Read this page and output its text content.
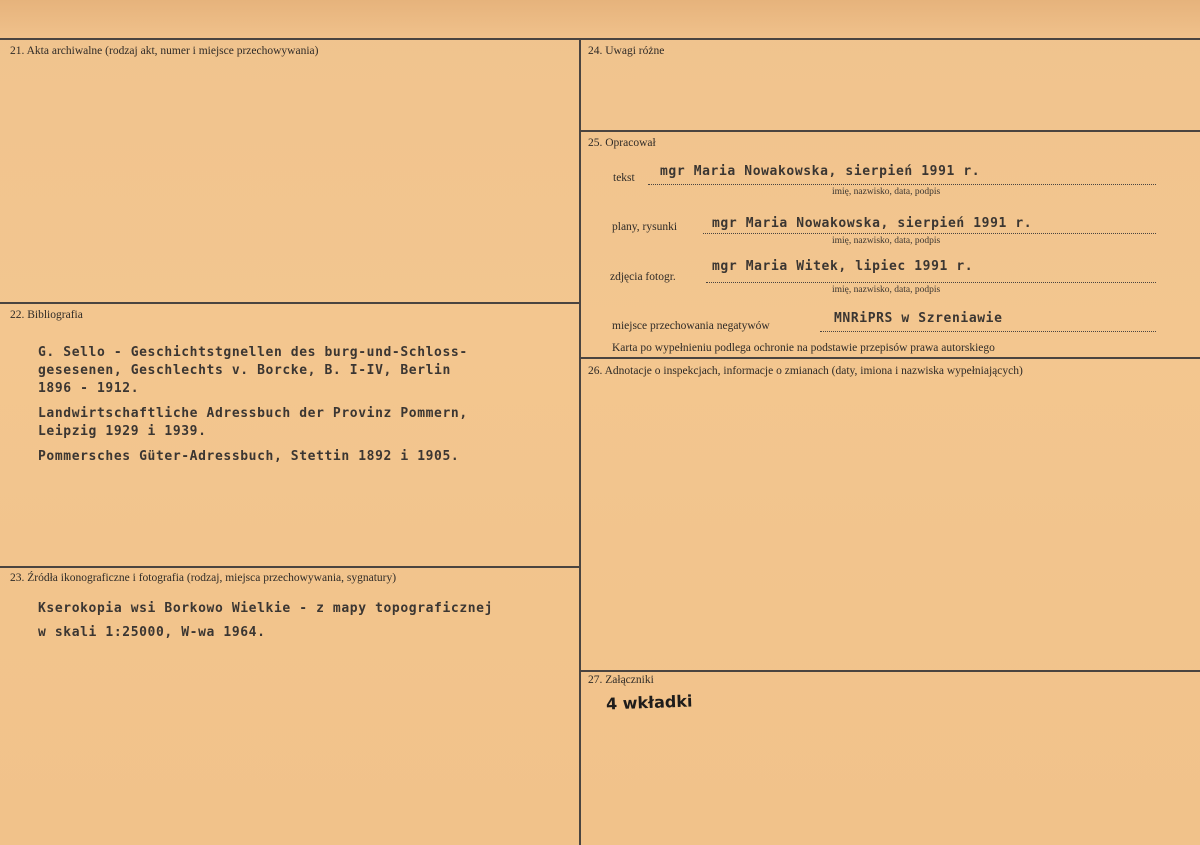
21. Akta archiwalne (rodzaj akt, numer i miejsce przechowywania)
22. Bibliografia
G. Sello - Geschichtstgnellen des burg-und-Schloss-
gesesenen, Geschlechts v. Borcke, B. I-IV, Berlin
1896 - 1912.
Landwirtschaftliche Adressbuch der Provinz Pommern,
Leipzig 1929 i 1939.
Pommersches Güter-Adressbuch, Stettin 1892 i 1905.
23. Źródła ikonograficzne i fotografia (rodzaj, miejsca przechowywania, sygnatury)
Kserokopia wsi Borkowo Wielkie - z mapy topograficznej
w skali 1:25000, W-wa 1964.
24. Uwagi różne
25. Opracował
tekst mgr Maria Nowakowska, sierpień 1991 r.
imię, nazwisko, data, podpis
plany, rysunki	mgr Maria Nowakowska, sierpień 1991 r.
imię, nazwisko, data, podpis
zdjęcia fotogr.
mgr Maria Witek, lipiec 1991 r.
imię, nazwisko, data, podpis
miejsce przechowania negatywów	MNRiPRS w Szreniawie
Karta po wypełnieniu podlega ochronie na podstawie przepisów prawa autorskiego
26. Adnotacje o inspekcjach, informacje o zmianach (daty, imiona i nazwiska wypełniających)
27. Załączniki
4 wkładki
